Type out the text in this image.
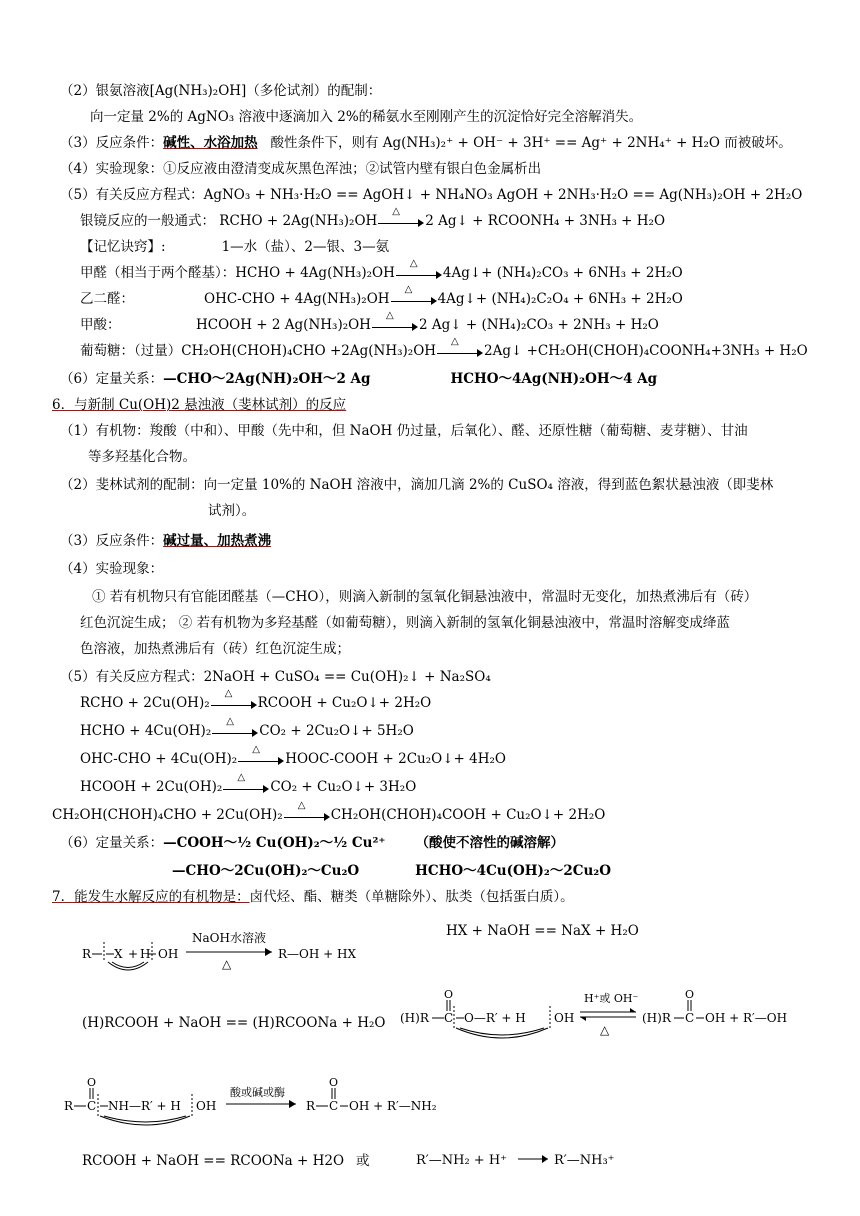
（2）银氨溶液[Ag(NH₃)₂OH]（多伦试剂）的配制：
向一定量 2%的 AgNO₃ 溶液中逐滴加入 2%的稀氨水至刚刚产生的沉淀恰好完全溶解消失。
（3）反应条件：碱性、水浴加热 酸性条件下，则有 Ag(NH₃)₂⁺ + OH⁻ + 3H⁺ == Ag⁺ + 2NH₄⁺ + H₂O 而被破坏。
（4）实验现象：①反应液由澄清变成灰黑色浑浊；②试管内壁有银白色金属析出
（5）有关反应方程式：AgNO₃ + NH₃·H₂O == AgOH↓ + NH₄NO₃ AgOH + 2NH₃·H₂O == Ag(NH₃)₂OH + 2H₂O
银镜反应的一般通式： RCHO + 2Ag(NH₃)₂OH
△
2 Ag↓ + RCOONH₄ + 3NH₃ + H₂O
【记忆诀窍】:	1—水（盐）、2—银、3—氨
甲醛（相当于两个醛基）：HCHO + 4Ag(NH₃)₂OH
△
4Ag↓+ (NH₄)₂CO₃ + 6NH₃ + 2H₂O
乙二醛：	OHC-CHO + 4Ag(NH₃)₂OH
△
4Ag↓+ (NH₄)₂C₂O₄ + 6NH₃ + 2H₂O
甲酸：	HCOOH + 2 Ag(NH₃)₂OH
△
2 Ag↓ + (NH₄)₂CO₃ + 2NH₃ + H₂O
葡萄糖：（过量）CH₂OH(CHOH)₄CHO +2Ag(NH₃)₂OH
△
2Ag↓ +CH₂OH(CHOH)₄COONH₄+3NH₃ + H₂O
（6）定量关系：—CHO～2Ag(NH)₂OH～2 Ag	HCHO～4Ag(NH)₂OH～4 Ag
6．与新制 Cu(OH)2 悬浊液（斐林试剂）的反应
（1）有机物：羧酸（中和）、甲酸（先中和，但 NaOH 仍过量，后氧化）、醛、还原性糖（葡萄糖、麦芽糖）、甘油
等多羟基化合物。
（2）斐林试剂的配制：向一定量 10%的 NaOH 溶液中，滴加几滴 2%的 CuSO₄ 溶液，得到蓝色絮状悬浊液（即斐林
试剂）。
（3）反应条件：碱过量、加热煮沸
（4）实验现象：
① 若有机物只有官能团醛基（—CHO），则滴入新制的氢氧化铜悬浊液中，常温时无变化，加热煮沸后有（砖）
红色沉淀生成； ② 若有机物为多羟基醛（如葡萄糖），则滴入新制的氢氧化铜悬浊液中，常温时溶解变成绛蓝
色溶液，加热煮沸后有（砖）红色沉淀生成；
（5）有关反应方程式：2NaOH + CuSO₄ == Cu(OH)₂↓ + Na₂SO₄
RCHO + 2Cu(OH)₂
△
RCOOH + Cu₂O↓+ 2H₂O
HCHO + 4Cu(OH)₂
△
CO₂ + 2Cu₂O↓+ 5H₂O
OHC-CHO + 4Cu(OH)₂
△
HOOC-COOH + 2Cu₂O↓+ 4H₂O
HCOOH + 2Cu(OH)₂
△
CO₂ + Cu₂O↓+ 3H₂O
CH₂OH(CHOH)₄CHO + 2Cu(OH)₂
△
CH₂OH(CHOH)₄COOH + Cu₂O↓+ 2H₂O
（6）定量关系：—COOH～½ Cu(OH)₂～½ Cu²⁺ （酸使不溶性的碱溶解）
—CHO～2Cu(OH)₂～Cu₂O	HCHO～4Cu(OH)₂～2Cu₂O
7．能发生水解反应的有机物是：卤代烃、酯、糖类（单糖除外）、肽类（包括蛋白质）。
R X + H OH
NaOH水溶液
△
R—OH + HX
HX + NaOH == NaX + H₂O
(H)RCOOH + NaOH == (H)RCOONa + H₂O (H)R C
O
O—R′ + H OH
H⁺或 OH⁻
△
(H)R C
O
OH + R′—OH
R C
O
NH—R′ + H OH
酸或碱或酶
R C
O
OH + R′—NH₂
RCOOH + NaOH == RCOONa + H2O 或	R′—NH₂ + H⁺	R′—NH₃⁺
